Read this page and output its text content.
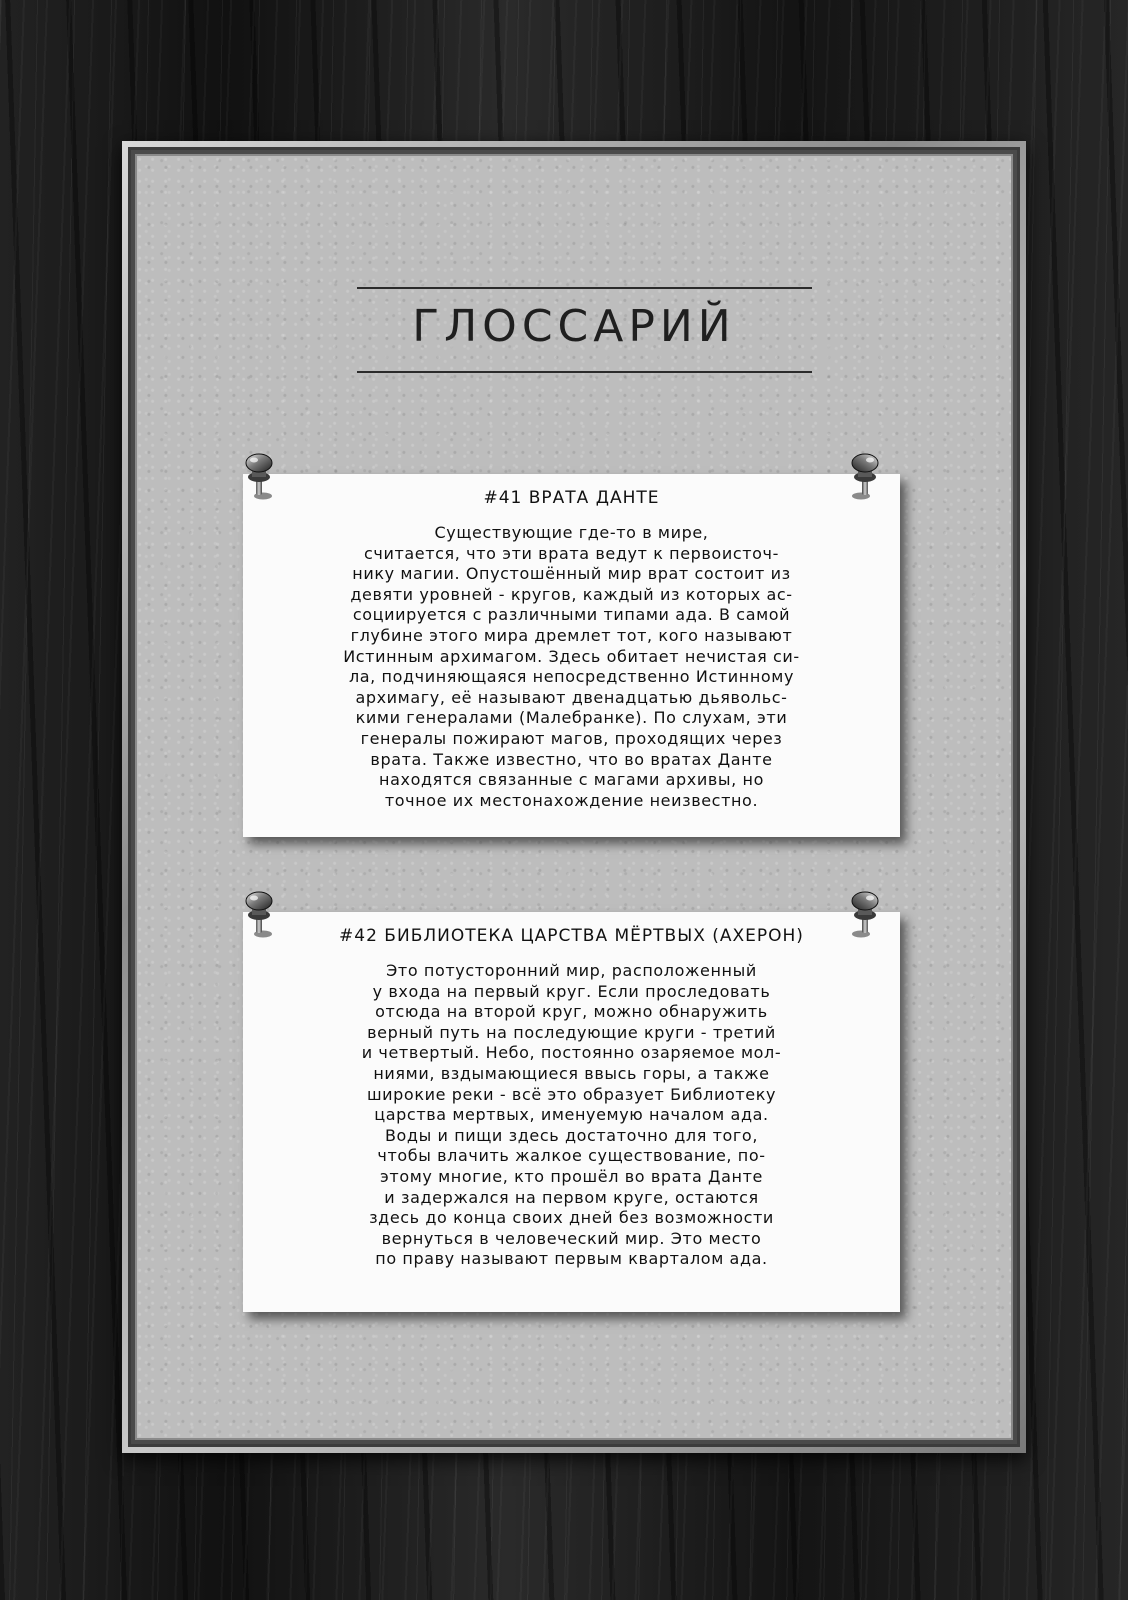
ГЛОССАРИЙ
#41 ВРАТА ДАНТЕ

Существующие где-то в мире,
считается, что эти врата ведут к первоисточ-
нику магии. Опустошённый мир врат состоит из
девяти уровней - кругов, каждый из которых ас-
социируется с различными типами ада. В самой
глубине этого мира дремлет тот, кого называют
Истинным архимагом. Здесь обитает нечистая си-
ла, подчиняющаяся непосредственно Истинному
архимагу, её называют двенадцатью дьявольс-
кими генералами (Малебранке). По слухам, эти
генералы пожирают магов, проходящих через
врата. Также известно, что во вратах Данте
находятся связанные с магами архивы, но
точное их местонахождение неизвестно.

#42 БИБЛИОТЕКА ЦАРСТВА МЁРТВЫХ (АХЕРОН)

Это потусторонний мир, расположенный
у входа на первый круг. Если проследовать
отсюда на второй круг, можно обнаружить
верный путь на последующие круги - третий
и четвертый. Небо, постоянно озаряемое мол-
ниями, вздымающиеся ввысь горы, а также
широкие реки - всё это образует Библиотеку
царства мертвых, именуемую началом ада.
Воды и пищи здесь достаточно для того,
чтобы влачить жалкое существование, по-
этому многие, кто прошёл во врата Данте
и задержался на первом круге, остаются
здесь до конца своих дней без возможности
вернуться в человеческий мир. Это место
по праву называют первым кварталом ада.
